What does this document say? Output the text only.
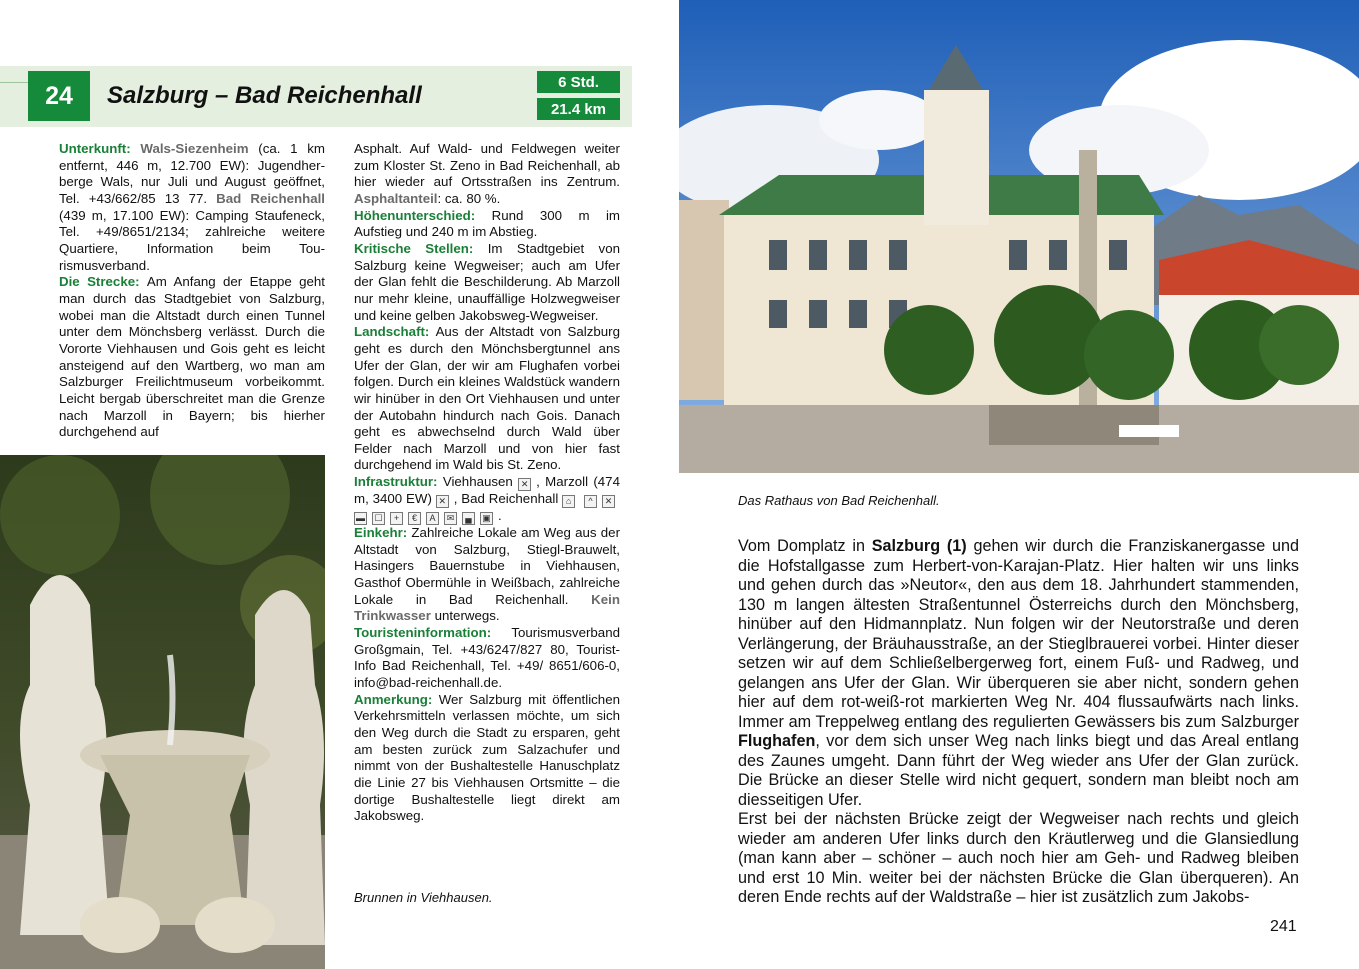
24	Salzburg – Bad Reichenhall	6 Std.
21.4 km

Unterkunft: Wals-Siezenheim (ca. 1 km entfernt, 446 m, 12.700 EW): Jugendherberge Wals, nur Juli und August geöffnet, Tel. +43/662/85 13 77. Bad Reichenhall (439 m, 17.100 EW): Camping Staufeneck, Tel. +49/8651/2134; zahlreiche weitere Quartiere, Information beim Tourismusverband.

Die Strecke: Am Anfang der Etappe geht man durch das Stadtgebiet von Salzburg, wobei man die Altstadt durch einen Tunnel unter dem Mönchsberg verlässt. Durch die Vororte Viehhausen und Gois geht es leicht ansteigend auf den Wartberg, wo man am Salzburger Freilichtmuseum vorbeikommt. Leicht bergab überschreitet man die Grenze nach Marzoll in Bayern; bis hierher durchgehend auf

Asphalt. Auf Wald- und Feldwegen weiter zum Kloster St. Zeno in Bad Reichenhall, ab hier wieder auf Ortsstraßen ins Zentrum. Asphaltanteil: ca. 80 %.

Höhenunterschied: Rund 300 m im Aufstieg und 240 m im Abstieg.

Kritische Stellen: Im Stadtgebiet von Salzburg keine Wegweiser; auch am Ufer der Glan fehlt die Beschilderung. Ab Marzoll nur mehr kleine, unauffällige Holzwegweiser und keine gelben Jakobsweg-Wegweiser.

Landschaft: Aus der Altstadt von Salzburg geht es durch den Mönchsbergtunnel ans Ufer der Glan, der wir am Flughafen vorbei folgen. Durch ein kleines Waldstück wandern wir hinüber in den Ort Viehhausen und unter der Autobahn hindurch nach Gois. Danach geht es abwechselnd durch Wald über Felder nach Marzoll und von hier fast durchgehend im Wald bis St. Zeno.

Infrastruktur: Viehhausen ✕ , Marzoll (474 m, 3400 EW) ✕ , Bad Reichenhall ⌂ ^ ✕▬ ☐ + € A ✉ ▄ ▣ .

Einkehr: Zahlreiche Lokale am Weg aus der Altstadt von Salzburg, Stiegl-Brauwelt, Hasingers Bauernstube in Viehhausen, Gasthof Obermühle in Weißbach, zahlreiche Lokale in Bad Reichenhall. Kein Trinkwasser unterwegs.

Touristeninformation: Tourismusverband Großgmain, Tel. +43/6247/827 80, Tourist-Info Bad Reichenhall, Tel. +49/ 8651/606-0, info@bad-reichenhall.de.

Anmerkung: Wer Salzburg mit öffentlichen Verkehrsmitteln verlassen möchte, um sich den Weg durch die Stadt zu ersparen, geht am besten zurück zum Salzachufer und nimmt von der Bushaltestelle Hanuschplatz die Linie 27 bis Viehhausen Ortsmitte – die dortige Bushaltestelle liegt direkt am Jakobsweg.

Brunnen in Viehhausen.
Das Rathaus von Bad Reichenhall.

Vom Domplatz in Salzburg (1) gehen wir durch die Franziskanergasse und die Hofstallgasse zum Herbert-von-Karajan-Platz. Hier halten wir uns links und gehen durch das »Neutor«, den aus dem 18. Jahrhundert stammenden, 130 m langen ältesten Straßentunnel Österreichs durch den Mönchsberg, hinüber auf den Hidmannplatz. Nun folgen wir der Neutorstraße und deren Verlängerung, der Bräuhausstraße, an der Stieglbrauerei vorbei. Hinter dieser setzen wir auf dem Schließelbergerweg fort, einem Fuß- und Radweg, und gelangen ans Ufer der Glan. Wir überqueren sie aber nicht, sondern gehen hier auf dem rot-weiß-rot markierten Weg Nr. 404 flussaufwärts nach links. Immer am Treppelweg entlang des regulierten Gewässers bis zum Salzburger Flughafen, vor dem sich unser Weg nach links biegt und das Areal entlang des Zaunes umgeht. Dann führt der Weg wieder ans Ufer der Glan zurück. Die Brücke an dieser Stelle wird nicht gequert, sondern man bleibt noch am diesseitigen Ufer.

Erst bei der nächsten Brücke zeigt der Wegweiser nach rechts und gleich wieder am anderen Ufer links durch den Kräutlerweg und die Glansiedlung (man kann aber – schöner – auch noch hier am Geh- und Radweg bleiben und erst 10 Min. weiter bei der nächsten Brücke die Glan überqueren). An deren Ende rechts auf der Waldstraße – hier ist zusätzlich zum Jakobs-

241
